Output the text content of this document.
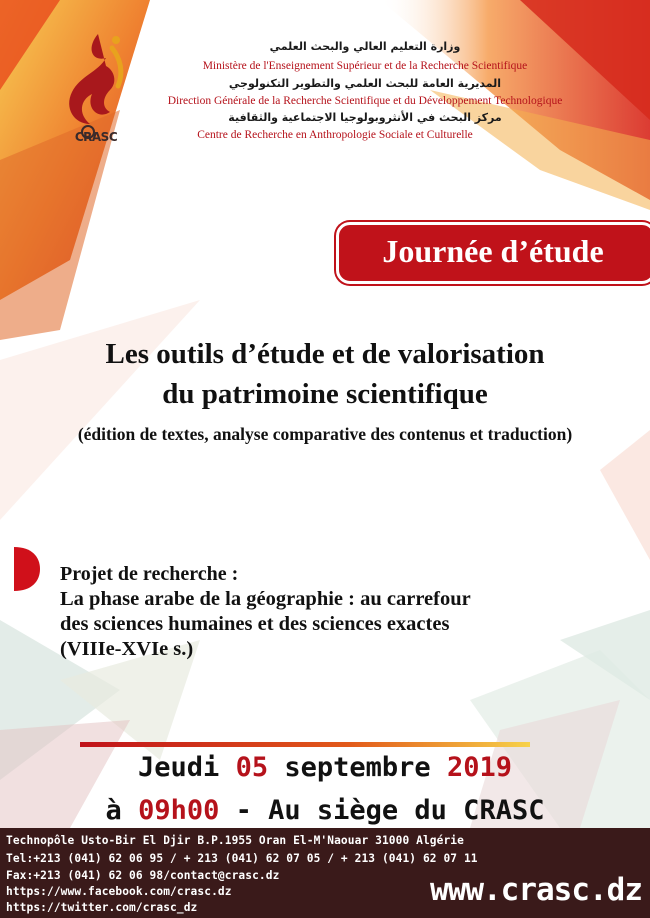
CRASC
وزارة التعليم العالي والبحث العلمي
Ministère de l'Enseignement Supérieur et de la Recherche Scientifique
المديرية العامة للبحث العلمي والتطوير التكنولوجي
Direction Générale de la Recherche Scientifique et du Développement Technologique
مركز البحث في الأنثروبولوجيا الاجتماعية والثقافية
Centre de Recherche en Anthropologie Sociale et Culturelle
Journée d’étude
Les outils d’étude et de valorisation
du patrimoine scientifique
(édition de textes, analyse comparative des contenus et traduction)
Projet de recherche :
La phase arabe de la géographie : au carrefour
des sciences humaines et des sciences exactes
(VIIIe-XVIe s.)
Jeudi 05 septembre 2019
à 09h00 - Au siège du CRASC
Technopôle Usto-Bir El Djir B.P.1955 Oran El-M'Naouar 31000 Algérie
Tel:+213 (041) 62 06 95 / + 213 (041) 62 07 05 / + 213 (041) 62 07 11
Fax:+213 (041) 62 06 98/contact@crasc.dz
https://www.facebook.com/crasc.dz
https://twitter.com/crasc_dz	www.crasc.dz
